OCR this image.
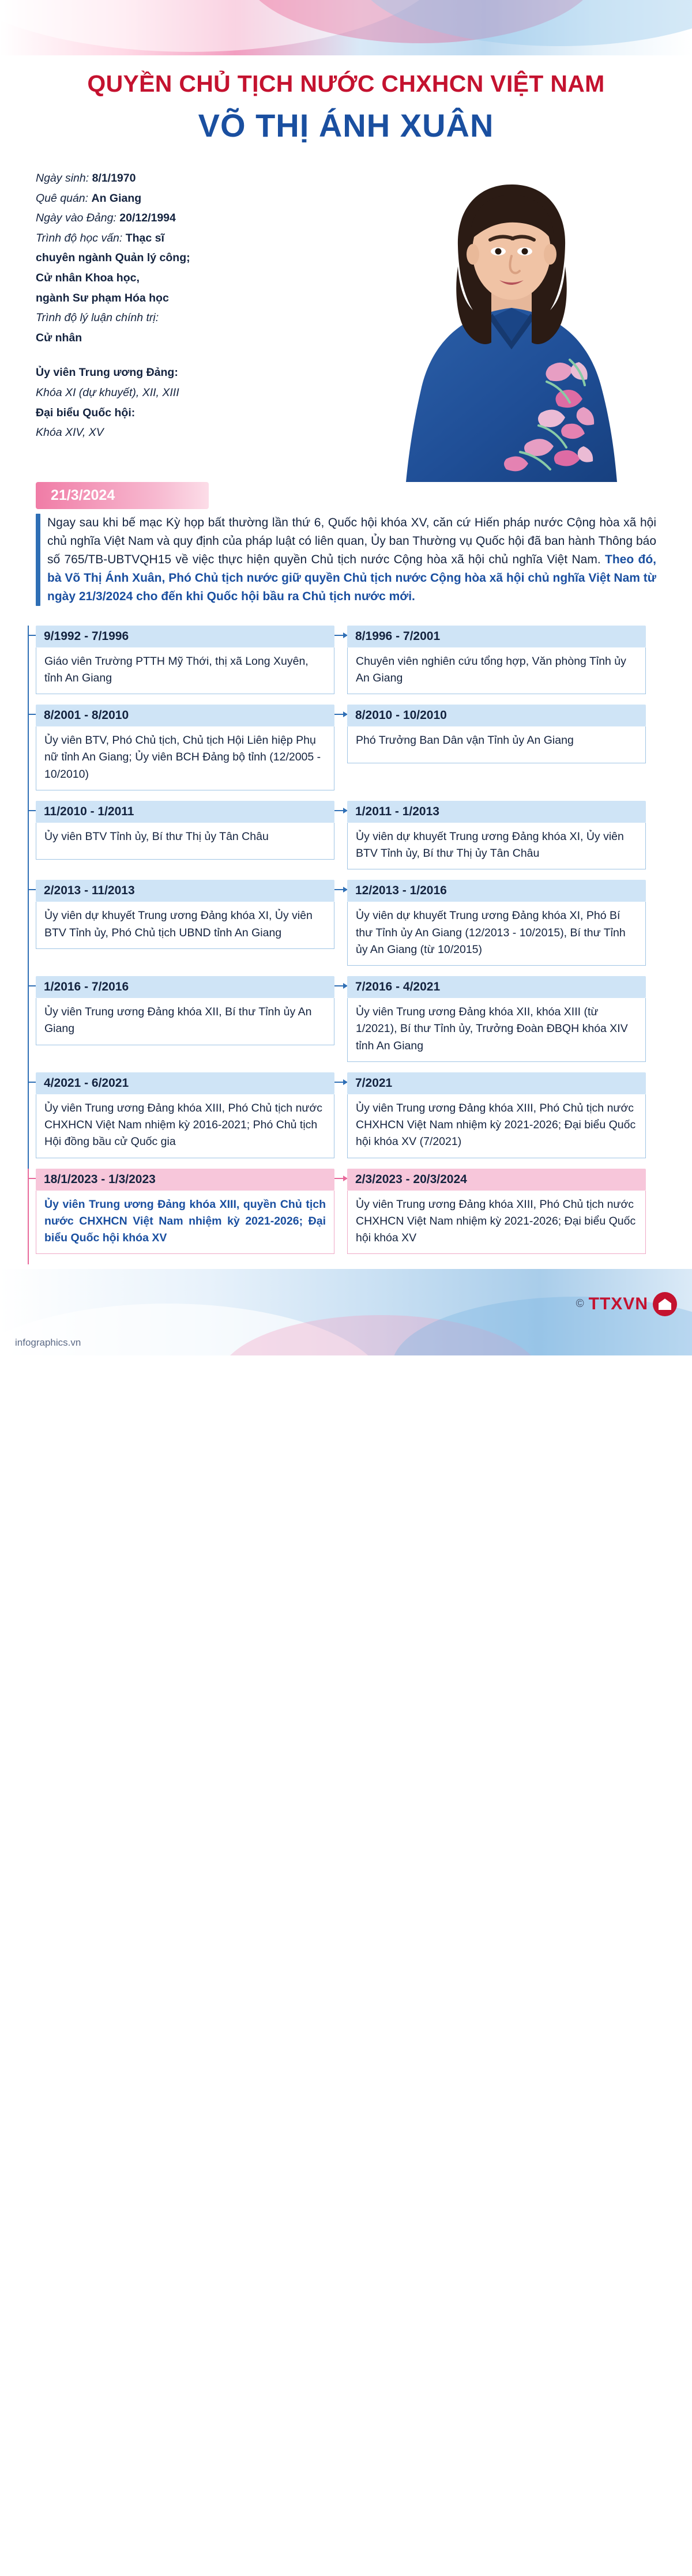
QUYỀN CHỦ TỊCH NƯỚC CHXHCN VIỆT NAM
VÕ THỊ ÁNH XUÂN
Ngày sinh: 8/1/1970
Quê quán: An Giang
Ngày vào Đảng: 20/12/1994
Trình độ học vấn: Thạc sĩ
chuyên ngành Quản lý công;
Cử nhân Khoa học,
ngành Sư phạm Hóa học
Trình độ lý luận chính trị:
Cử nhân
Ủy viên Trung ương Đảng:
Khóa XI (dự khuyết), XII, XIII
Đại biểu Quốc hội:
Khóa XIV, XV
21/3/2024
Ngay sau khi bế mạc Kỳ họp bất thường lần thứ 6, Quốc hội khóa XV, căn cứ Hiến pháp nước Cộng hòa xã hội chủ nghĩa Việt Nam và quy định của pháp luật có liên quan, Ủy ban Thường vụ Quốc hội đã ban hành Thông báo số 765/TB-UBTVQH15 về việc thực hiện quyền Chủ tịch nước Cộng hòa xã hội chủ nghĩa Việt Nam. Theo đó, bà Võ Thị Ánh Xuân, Phó Chủ tịch nước giữ quyền Chủ tịch nước Cộng hòa xã hội chủ nghĩa Việt Nam từ ngày 21/3/2024 cho đến khi Quốc hội bầu ra Chủ tịch nước mới.
9/1992 - 7/1996
Giáo viên Trường PTTH Mỹ Thới, thị xã Long Xuyên, tỉnh An Giang
8/1996 - 7/2001
Chuyên viên nghiên cứu tổng hợp, Văn phòng Tỉnh ủy An Giang
8/2001 - 8/2010
Ủy viên BTV, Phó Chủ tịch, Chủ tịch Hội Liên hiệp Phụ nữ tỉnh An Giang; Ủy viên BCH Đảng bộ tỉnh (12/2005 - 10/2010)
8/2010 - 10/2010
Phó Trưởng Ban Dân vận Tỉnh ủy An Giang
11/2010 - 1/2011
Ủy viên BTV Tỉnh ủy, Bí thư Thị ủy Tân Châu
1/2011 - 1/2013
Ủy viên dự khuyết Trung ương Đảng khóa XI, Ủy viên BTV Tỉnh ủy, Bí thư Thị ủy Tân Châu
2/2013 - 11/2013
Ủy viên dự khuyết Trung ương Đảng khóa XI, Ủy viên BTV Tỉnh ủy, Phó Chủ tịch UBND tỉnh An Giang
12/2013 - 1/2016
Ủy viên dự khuyết Trung ương Đảng khóa XI, Phó Bí thư Tỉnh ủy An Giang (12/2013 - 10/2015), Bí thư Tỉnh ủy An Giang (từ 10/2015)
1/2016 - 7/2016
Ủy viên Trung ương Đảng khóa XII, Bí thư Tỉnh ủy An Giang
7/2016 - 4/2021
Ủy viên Trung ương Đảng khóa XII, khóa XIII (từ 1/2021), Bí thư Tỉnh ủy, Trưởng Đoàn ĐBQH khóa XIV tỉnh An Giang
4/2021 - 6/2021
Ủy viên Trung ương Đảng khóa XIII, Phó Chủ tịch nước CHXHCN Việt Nam nhiệm kỳ 2016-2021; Phó Chủ tịch Hội đồng bầu cử Quốc gia
7/2021
Ủy viên Trung ương Đảng khóa XIII, Phó Chủ tịch nước CHXHCN Việt Nam nhiệm kỳ 2021-2026; Đại biểu Quốc hội khóa XV (7/2021)
18/1/2023 - 1/3/2023
Ủy viên Trung ương Đảng khóa XIII, quyền Chủ tịch nước CHXHCN Việt Nam nhiệm kỳ 2021-2026; Đại biểu Quốc hội khóa XV
2/3/2023 - 20/3/2024
Ủy viên Trung ương Đảng khóa XIII, Phó Chủ tịch nước CHXHCN Việt Nam nhiệm kỳ 2021-2026; Đại biểu Quốc hội khóa XV
© TTXVN
infographics.vn
